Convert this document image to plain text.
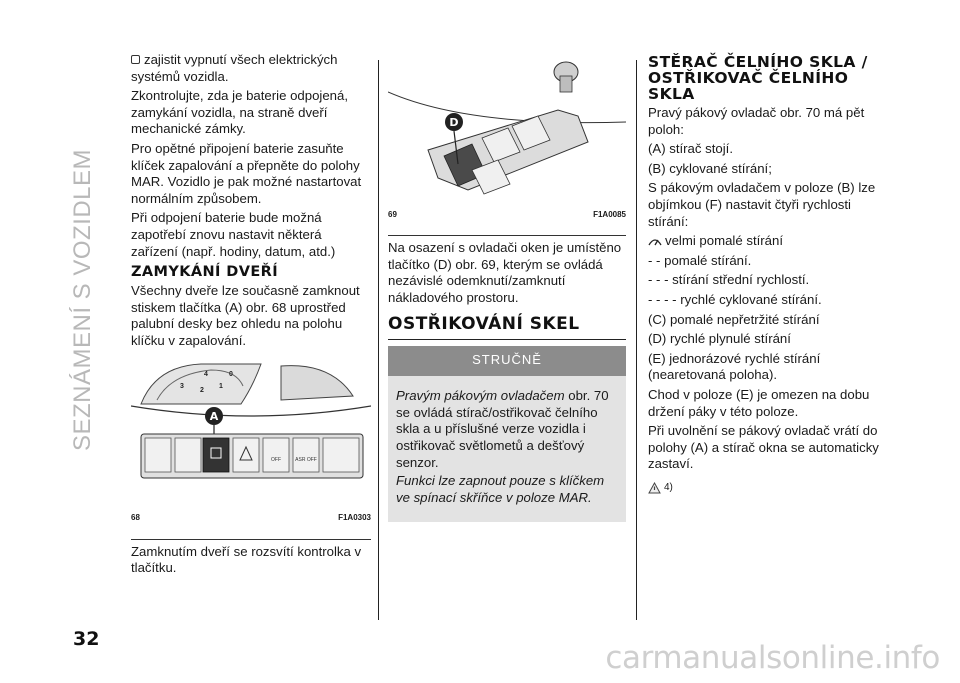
SEZNÁMENÍ S VOZIDLEM

zajistit vypnutí všech elektrických systémů vozidla.

Zkontrolujte, zda je baterie odpojená, zamykání vozidla, na straně dveří mechanické zámky.

Pro opětné připojení baterie zasuňte klíček zapalování a přepněte do polohy MAR. Vozidlo je pak možné nastartovat normálním způsobem.

Při odpojení baterie bude možná zapotřebí znovu nastavit některá zařízení (např. hodiny, datum, atd.)

ZAMYKÁNÍ DVEŘÍ

Všechny dveře lze současně zamknout stiskem tlačítka (A) obr. 68 uprostřed palubní desky bez ohledu na polohu klíčku v zapalování.

4
3
2
1
0
A
OFF	ASR OFF
68	F1A0303

Zamknutím dveří se rozsvítí kontrolka v tlačítku.

D
69	F1A0085

Na osazení s ovladači oken je umístěno tlačítko (D) obr. 69, kterým se ovládá nezávislé odemknutí/zamknutí nákladového prostoru.

OSTŘIKOVÁNÍ SKEL
STRUČNĚ

Pravým pákovým ovladačem obr. 70 se ovládá stírač/ostřikovač čelního skla a u příslušné verze vozidla i ostřikovač světlometů a dešťový senzor.

Funkci lze zapnout pouze s klíčkem ve spínací skříňce v poloze MAR.

STĚRAČ ČELNÍHO SKLA / OSTŘIKOVAČ ČELNÍHO SKLA

Pravý pákový ovladač obr. 70 má pět poloh:

(A) stírač stojí.

(B) cyklované stírání;

S pákovým ovladačem v poloze (B) lze objímkou (F) nastavit čtyři rychlosti stírání:

velmi pomalé stírání

- - pomalé stírání.

- - - stírání střední rychlostí.

- - - - rychlé cyklované stírání.

(C) pomalé nepřetržité stírání

(D) rychlé plynulé stírání

(E) jednorázové rychlé stírání (nearetovaná poloha).

Chod v poloze (E) je omezen na dobu držení páky v této poloze.

Při uvolnění se pákový ovladač vrátí do polohy (A) a stírač okna se automaticky zastaví.

4)
32
carmanualsonline.info
